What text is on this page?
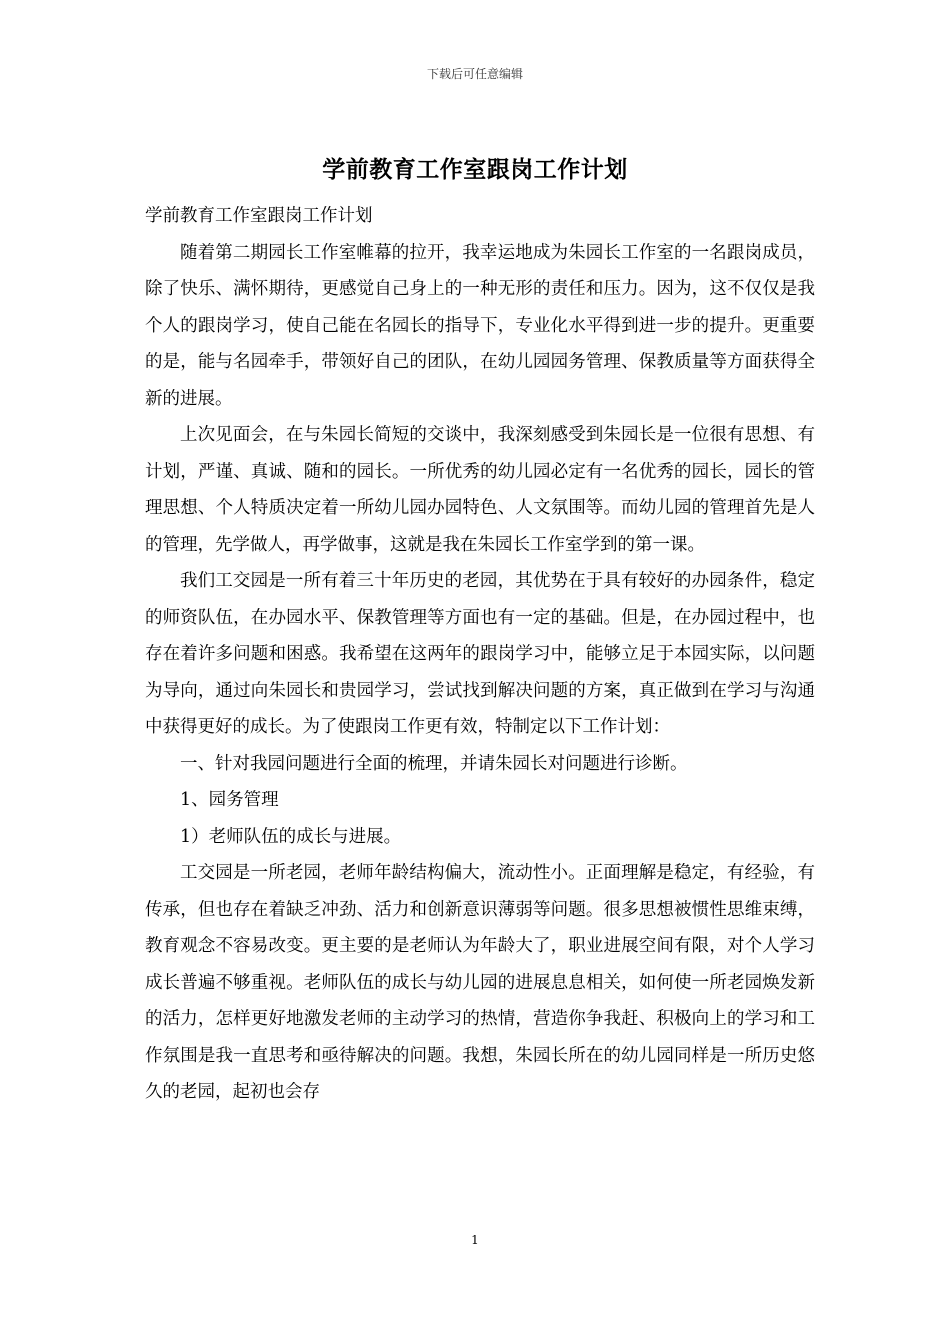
下载后可任意编辑
学前教育工作室跟岗工作计划

学前教育工作室跟岗工作计划

随着第二期园长工作室帷幕的拉开，我幸运地成为朱园长工作室的一名跟岗成员，除了快乐、满怀期待，更感觉自己身上的一种无形的责任和压力。因为，这不仅仅是我个人的跟岗学习，使自己能在名园长的指导下，专业化水平得到进一步的提升。更重要的是，能与名园牵手，带领好自己的团队，在幼儿园园务管理、保教质量等方面获得全新的进展。

上次见面会，在与朱园长简短的交谈中，我深刻感受到朱园长是一位很有思想、有计划，严谨、真诚、随和的园长。一所优秀的幼儿园必定有一名优秀的园长，园长的管理思想、个人特质决定着一所幼儿园办园特色、人文氛围等。而幼儿园的管理首先是人的管理，先学做人，再学做事，这就是我在朱园长工作室学到的第一课。

我们工交园是一所有着三十年历史的老园，其优势在于具有较好的办园条件，稳定的师资队伍，在办园水平、保教管理等方面也有一定的基础。但是，在办园过程中，也存在着许多问题和困惑。我希望在这两年的跟岗学习中，能够立足于本园实际，以问题为导向，通过向朱园长和贵园学习，尝试找到解决问题的方案，真正做到在学习与沟通中获得更好的成长。为了使跟岗工作更有效，特制定以下工作计划：

一、针对我园问题进行全面的梳理，并请朱园长对问题进行诊断。

1、园务管理

1）老师队伍的成长与进展。

工交园是一所老园，老师年龄结构偏大，流动性小。正面理解是稳定，有经验，有传承，但也存在着缺乏冲劲、活力和创新意识薄弱等问题。很多思想被惯性思维束缚，教育观念不容易改变。更主要的是老师认为年龄大了，职业进展空间有限，对个人学习成长普遍不够重视。老师队伍的成长与幼儿园的进展息息相关，如何使一所老园焕发新的活力，怎样更好地激发老师的主动学习的热情，营造你争我赶、积极向上的学习和工作氛围是我一直思考和亟待解决的问题。我想，朱园长所在的幼儿园同样是一所历史悠久的老园，起初也会存

1
